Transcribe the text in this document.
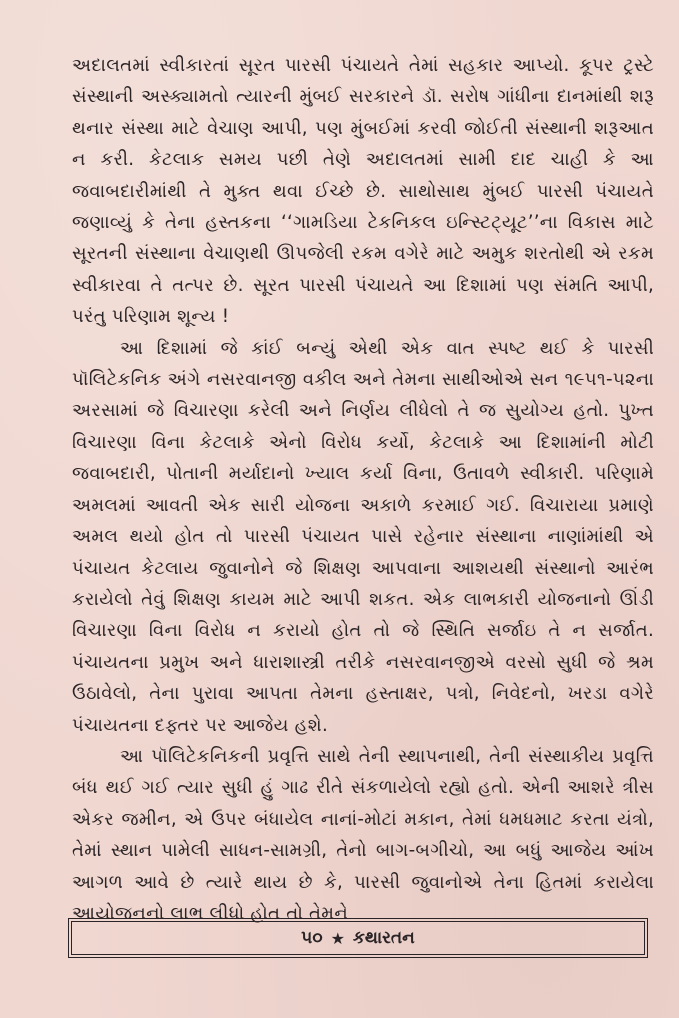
અદાલતમાં સ્વીકારતાં સૂરત પારસી પંચાયતે તેમાં સહકાર આપ્યો. કૂપર ટ્રસ્ટે સંસ્થાની અસ્ક્યામતો ત્યારની મુંબઈ સરકારને ડૉ. સરોષ ગાંધીના દાનમાંથી શરૂ થનાર સંસ્થા માટે વેચાણ આપી, પણ મુંબઈમાં કરવી જોઈતી સંસ્થાની શરૂઆત ન કરી. કેટલાક સમય પછી તેણે અદાલતમાં સામી દાદ ચાહી કે આ જવાબદારીમાંથી તે મુક્ત થવા ઈચ્છે છે. સાથોસાથ મુંબઈ પારસી પંચાયતે જણાવ્યું કે તેના હસ્તકના ‘‘ગામડિયા ટેકનિકલ ઇન્સ્ટિટ્યૂટ’’ના વિકાસ માટે સૂરતની સંસ્થાના વેચાણથી ઊપજેલી રકમ વગેરે માટે અમુક શરતોથી એ રકમ સ્વીકારવા તે તત્પર છે. સૂરત પારસી પંચાયતે આ દિશામાં પણ સંમતિ આપી, પરંતુ પરિણામ શૂન્ય !

આ દિશામાં જે કાંઈ બન્યું એથી એક વાત સ્પષ્ટ થઈ કે પારસી પૉલિટેકનિક અંગે નસરવાનજી વકીલ અને તેમના સાથીઓએ સન ૧૯૫૧-૫૨ના અરસામાં જે વિચારણા કરેલી અને નિર્ણય લીધેલો તે જ સુયોગ્ય હતો. પુખ્ત વિચારણા વિના કેટલાકે એનો વિરોધ કર્યો, કેટલાકે આ દિશામાંની મોટી જવાબદારી, પોતાની મર્યાદાનો ખ્યાલ કર્યા વિના, ઉતાવળે સ્વીકારી. પરિણામે અમલમાં આવતી એક સારી યોજના અકાળે કરમાઈ ગઈ. વિચારાયા પ્રમાણે અમલ થયો હોત તો પારસી પંચાયત પાસે રહેનાર સંસ્થાના નાણાંમાંથી એ પંચાયત કેટલાય જુવાનોને જે શિક્ષણ આપવાના આશયથી સંસ્થાનો આરંભ કરાયેલો તેવું શિક્ષણ કાયમ માટે આપી શકત. એક લાભકારી યોજનાનો ઊંડી વિચારણા વિના વિરોધ ન કરાયો હોત તો જે સ્થિતિ સર્જાઇ તે ન સર્જાત. પંચાયતના પ્રમુખ અને ધારાશાસ્ત્રી તરીકે નસરવાનજીએ વરસો સુધી જે શ્રમ ઉઠાવેલો, તેના પુરાવા આપતા તેમના હસ્તાક્ષર, પત્રો, નિવેદનો, ખરડા વગેરે પંચાયતના દફ્તર પર આજેય હશે.

આ પૉલિટેકનિકની પ્રવૃત્તિ સાથે તેની સ્થાપનાથી, તેની સંસ્થાકીય પ્રવૃત્તિ બંધ થઈ ગઈ ત્યાર સુધી હું ગાઢ રીતે સંકળાયેલો રહ્યો હતો. એની આશરે ત્રીસ એકર જમીન, એ ઉપર બંધાયેલ નાનાં-મોટાં મકાન, તેમાં ધમધમાટ કરતા યંત્રો, તેમાં સ્થાન પામેલી સાધન-સામગ્રી, તેનો બાગ-બગીચો, આ બધું આજેય આંખ આગળ આવે છે ત્યારે થાય છે કે, પારસી જુવાનોએ તેના હિતમાં કરાયેલા આયોજનનો લાભ લીધો હોત તો તેમને

૫૦ ★ કથારતન
